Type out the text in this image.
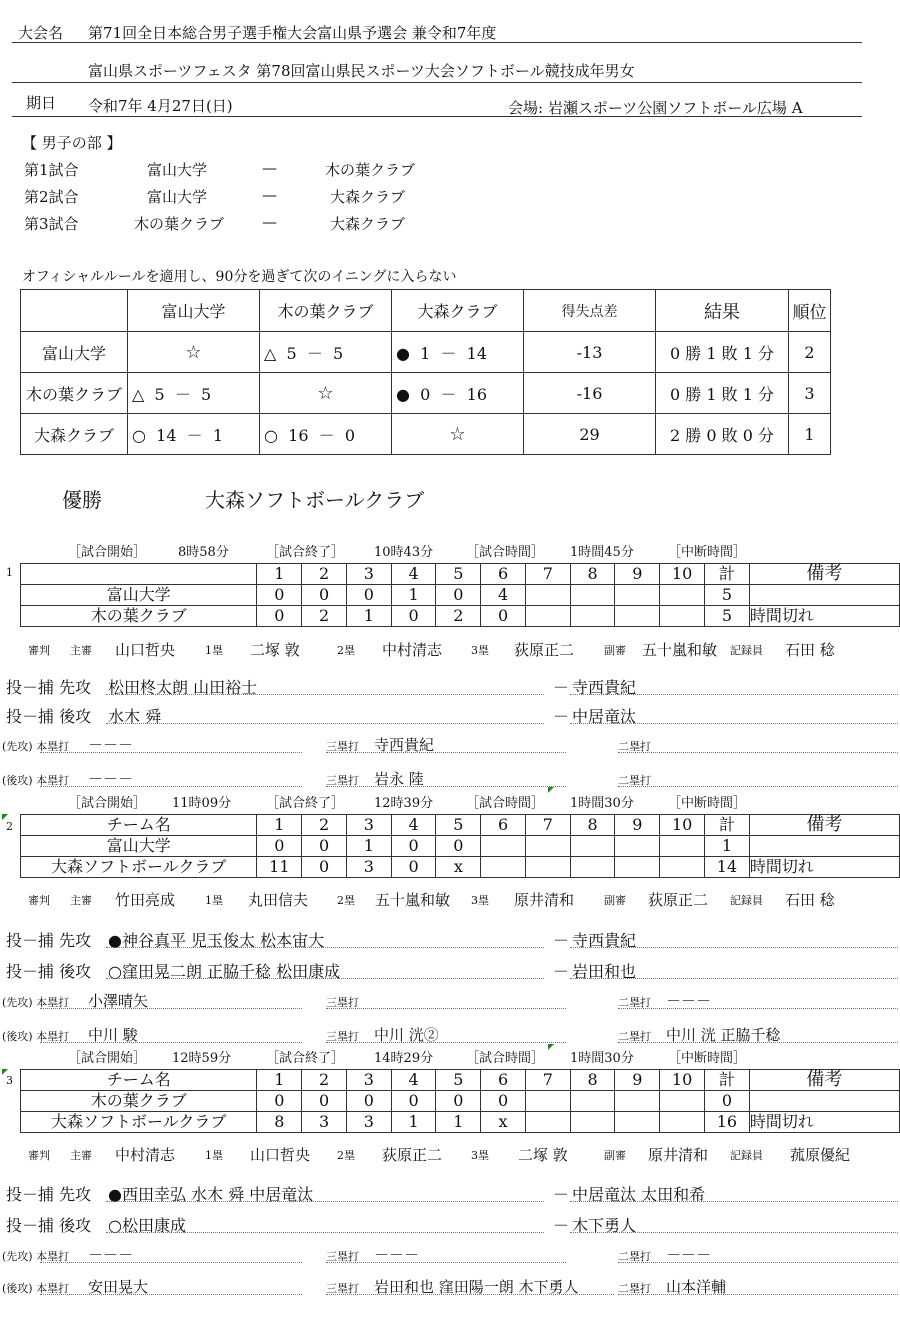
大会名 第71回全日本総合男子選手権大会富山県予選会 兼令和7年度
富山県スポーツフェスタ 第78回富山県民スポーツ大会ソフトボール競技成年男女
期日 令和7年 4月27日(日)	会場: 岩瀬スポーツ公園ソフトボール広場 A
【 男子の部 】
第1試合	富山大学	—	木の葉クラブ
第2試合	富山大学	—	大森クラブ
第3試合	木の葉クラブ	—	大森クラブ
オフィシャルルールを適用し、90分を過ぎて次のイニングに入らない
	富山大学	木の葉クラブ	大森クラブ	得失点差	結果	順位
富山大学	☆	△  5  －  5	●  1  －  14	-13	0 勝 1 敗 1 分	2
木の葉クラブ	△  5  －  5	☆	●  0  －  16	-16	0 勝 1 敗 1 分	3
大森クラブ	○  14  －  1	○  16  －  0	☆	29	2 勝 0 敗 0 分	1
優勝	大森ソフトボールクラブ
［試合開始］ 8時58分	［試合終了］ 10時43分	［試合時間］ 1時間45分	［中断時間］
1
		1	2	3	4	5	6	7	8	9	10	計	備考
富山大学	0	0	0	1	0	4					5	
木の葉クラブ	0	2	1	0	2	0					5	時間切れ
審判 主審 山口哲央	1塁 二塚 敦	2塁 中村清志	3塁 荻原正二	副審 五十嵐和敏 記録員 石田 稔
投－捕 先攻 松田柊太朗 山田裕士	－ 寺西貴紀
投－捕 後攻 水木 舜	－ 中居竜汰
(先攻) 本塁打 －－－	三塁打 寺西貴紀	二塁打
(後攻) 本塁打 －－－	三塁打 岩永 陸	二塁打
［試合開始］ 11時09分	［試合終了］ 12時39分	［試合時間］ 1時間30分	［中断時間］
2	チーム名	1	2	3	4	5	6	7	8	9	10	計	備考
富山大学	0	0	1	0	0						1	
大森ソフトボールクラブ	11	0	3	0	x						14	時間切れ
審判 主審 竹田亮成	1塁 丸田信夫	2塁 五十嵐和敏 3塁 原井清和	副審 荻原正二 記録員 石田 稔
投－捕 先攻 ●神谷真平 児玉俊太 松本宙大	－ 寺西貴紀
投－捕 後攻 ○窪田晃二朗 正脇千稔 松田康成	－ 岩田和也
(先攻) 本塁打 小澤晴矢	三塁打	二塁打 －－－
(後攻) 本塁打 中川 駿	三塁打 中川 洸②	二塁打 中川 洸 正脇千稔
［試合開始］ 12時59分	［試合終了］ 14時29分	［試合時間］ 1時間30分	［中断時間］
3	チーム名	1	2	3	4	5	6	7	8	9	10	計	備考
木の葉クラブ	0	0	0	0	0	0					0	
大森ソフトボールクラブ	8	3	3	1	1	x					16	時間切れ
審判 主審 中村清志	1塁 山口哲央 2塁 荻原正二	3塁 二塚 敦	副審 原井清和 記録員 菰原優紀
投－捕 先攻 ●西田幸弘 水木 舜 中居竜汰	－ 中居竜汰 太田和希
投－捕 後攻 ○松田康成	－ 木下勇人
(先攻) 本塁打 －－－	三塁打 －－－	二塁打 －－－
(後攻) 本塁打 安田晃大	三塁打 岩田和也 窪田陽一朗 木下勇人	二塁打 山本洋輔
